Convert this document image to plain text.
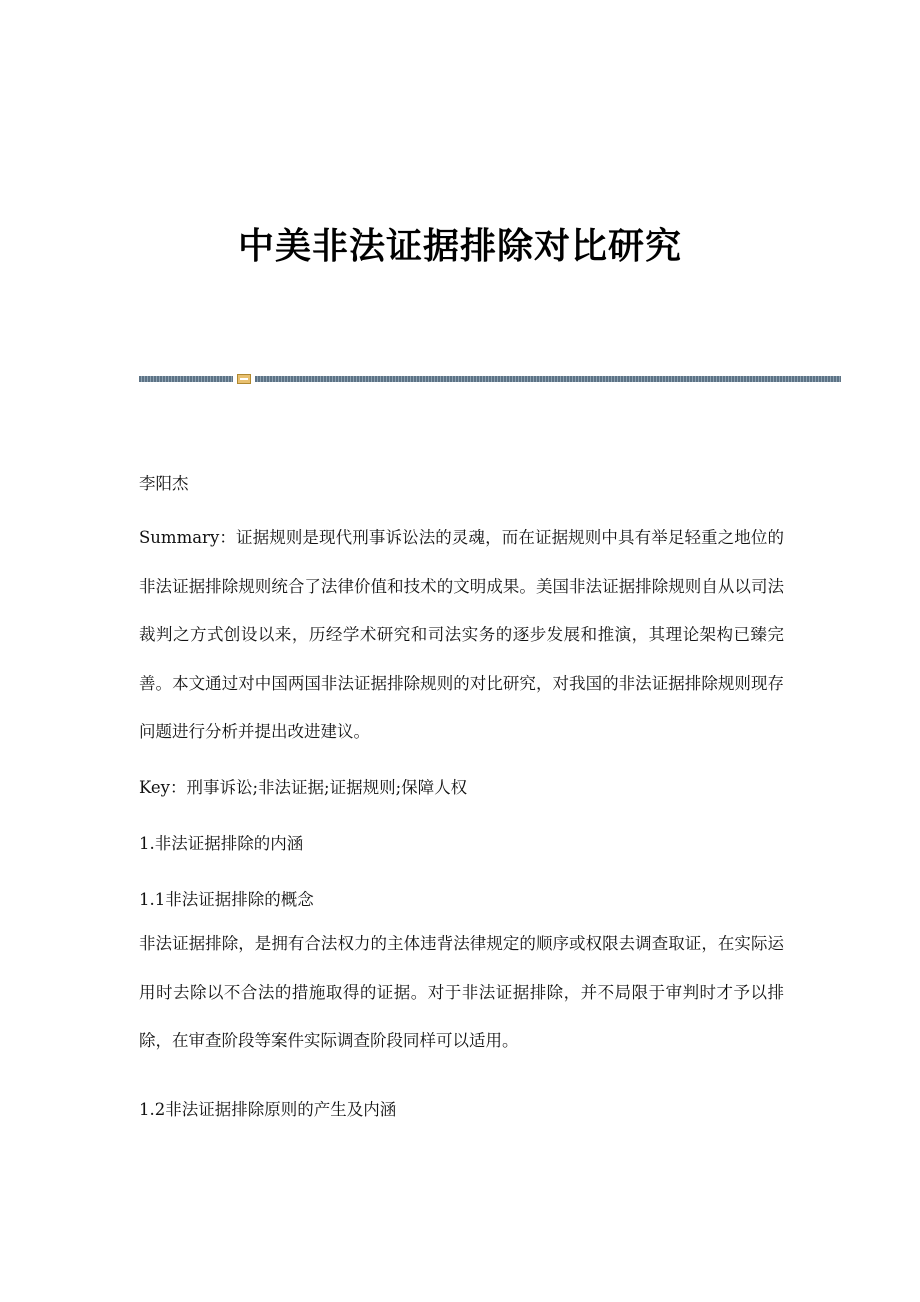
中美非法证据排除对比研究

李阳杰

Summary：证据规则是现代刑事诉讼法的灵魂，而在证据规则中具有举足轻重之地位的非法证据排除规则统合了法律价值和技术的文明成果。美国非法证据排除规则自从以司法裁判之方式创设以来，历经学术研究和司法实务的逐步发展和推演，其理论架构已臻完善。本文通过对中国两国非法证据排除规则的对比研究，对我国的非法证据排除规则现存问题进行分析并提出改进建议。

Key：刑事诉讼;非法证据;证据规则;保障人权

1.非法证据排除的内涵

1.1非法证据排除的概念

非法证据排除，是拥有合法权力的主体违背法律规定的顺序或权限去调查取证，在实际运用时去除以不合法的措施取得的证据。对于非法证据排除，并不局限于审判时才予以排除，在审查阶段等案件实际调查阶段同样可以适用。

1.2非法证据排除原则的产生及内涵
